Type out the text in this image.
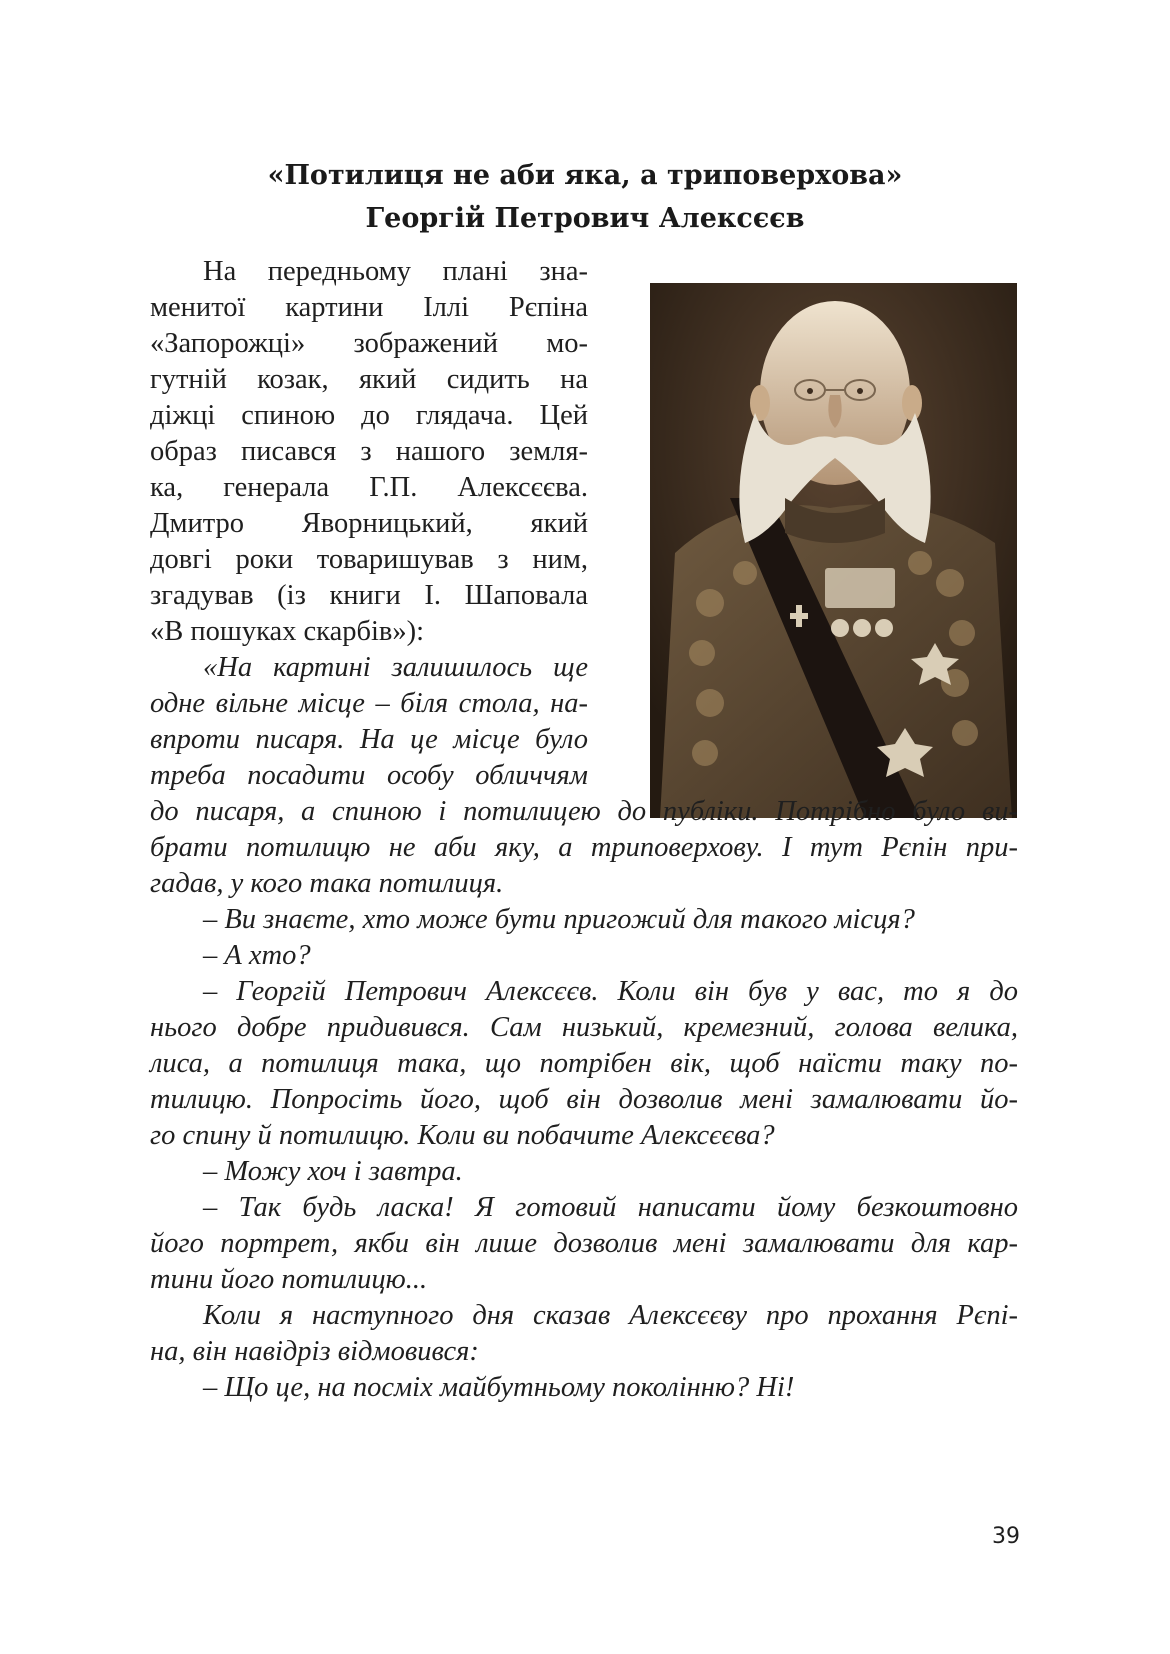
«Потилиця не аби яка, а триповерхова»

Георгій Петрович Алексєєв

На передньому плані зна-

менитої картини Іллі Рєпіна

«Запорожці» зображений мо-

гутній козак, який сидить на

діжці спиною до глядача. Цей

образ писався з нашого земля-

ка, генерала Г.П. Алексєєва.

Дмитро Яворницький, який

довгі роки товаришував з ним,

згадував (із книги І. Шаповала

«В пошуках скарбів»):

«На картині залишилось ще

одне вільне місце – біля стола, на-

впроти писаря. На це місце було

треба посадити особу обличчям

до писаря, а спиною і потилицею до публіки. Потрібно було ви-

брати потилицю не аби яку, а триповерхову. І тут Рєпін при-

гадав, у кого така потилиця.

– Ви знаєте, хто може бути пригожий для такого місця?

– А хто?

– Георгій Петрович Алексєєв. Коли він був у вас, то я до

нього добре придивився. Сам низький, кремезний, голова велика,

лиса, а потилиця така, що потрібен вік, щоб наїсти таку по-

тилицю. Попросіть його, щоб він дозволив мені замалювати йо-

го спину й потилицю. Коли ви побачите Алексєєва?

– Можу хоч і завтра.

– Так будь ласка! Я готовий написати йому безкоштовно

його портрет, якби він лише дозволив мені замалювати для кар-

тини його потилицю...

Коли я наступного дня сказав Алексєєву про прохання Рєпі-

на, він навідріз відмовився:

– Що це, на посміх майбутньому поколінню? Ні!

39
